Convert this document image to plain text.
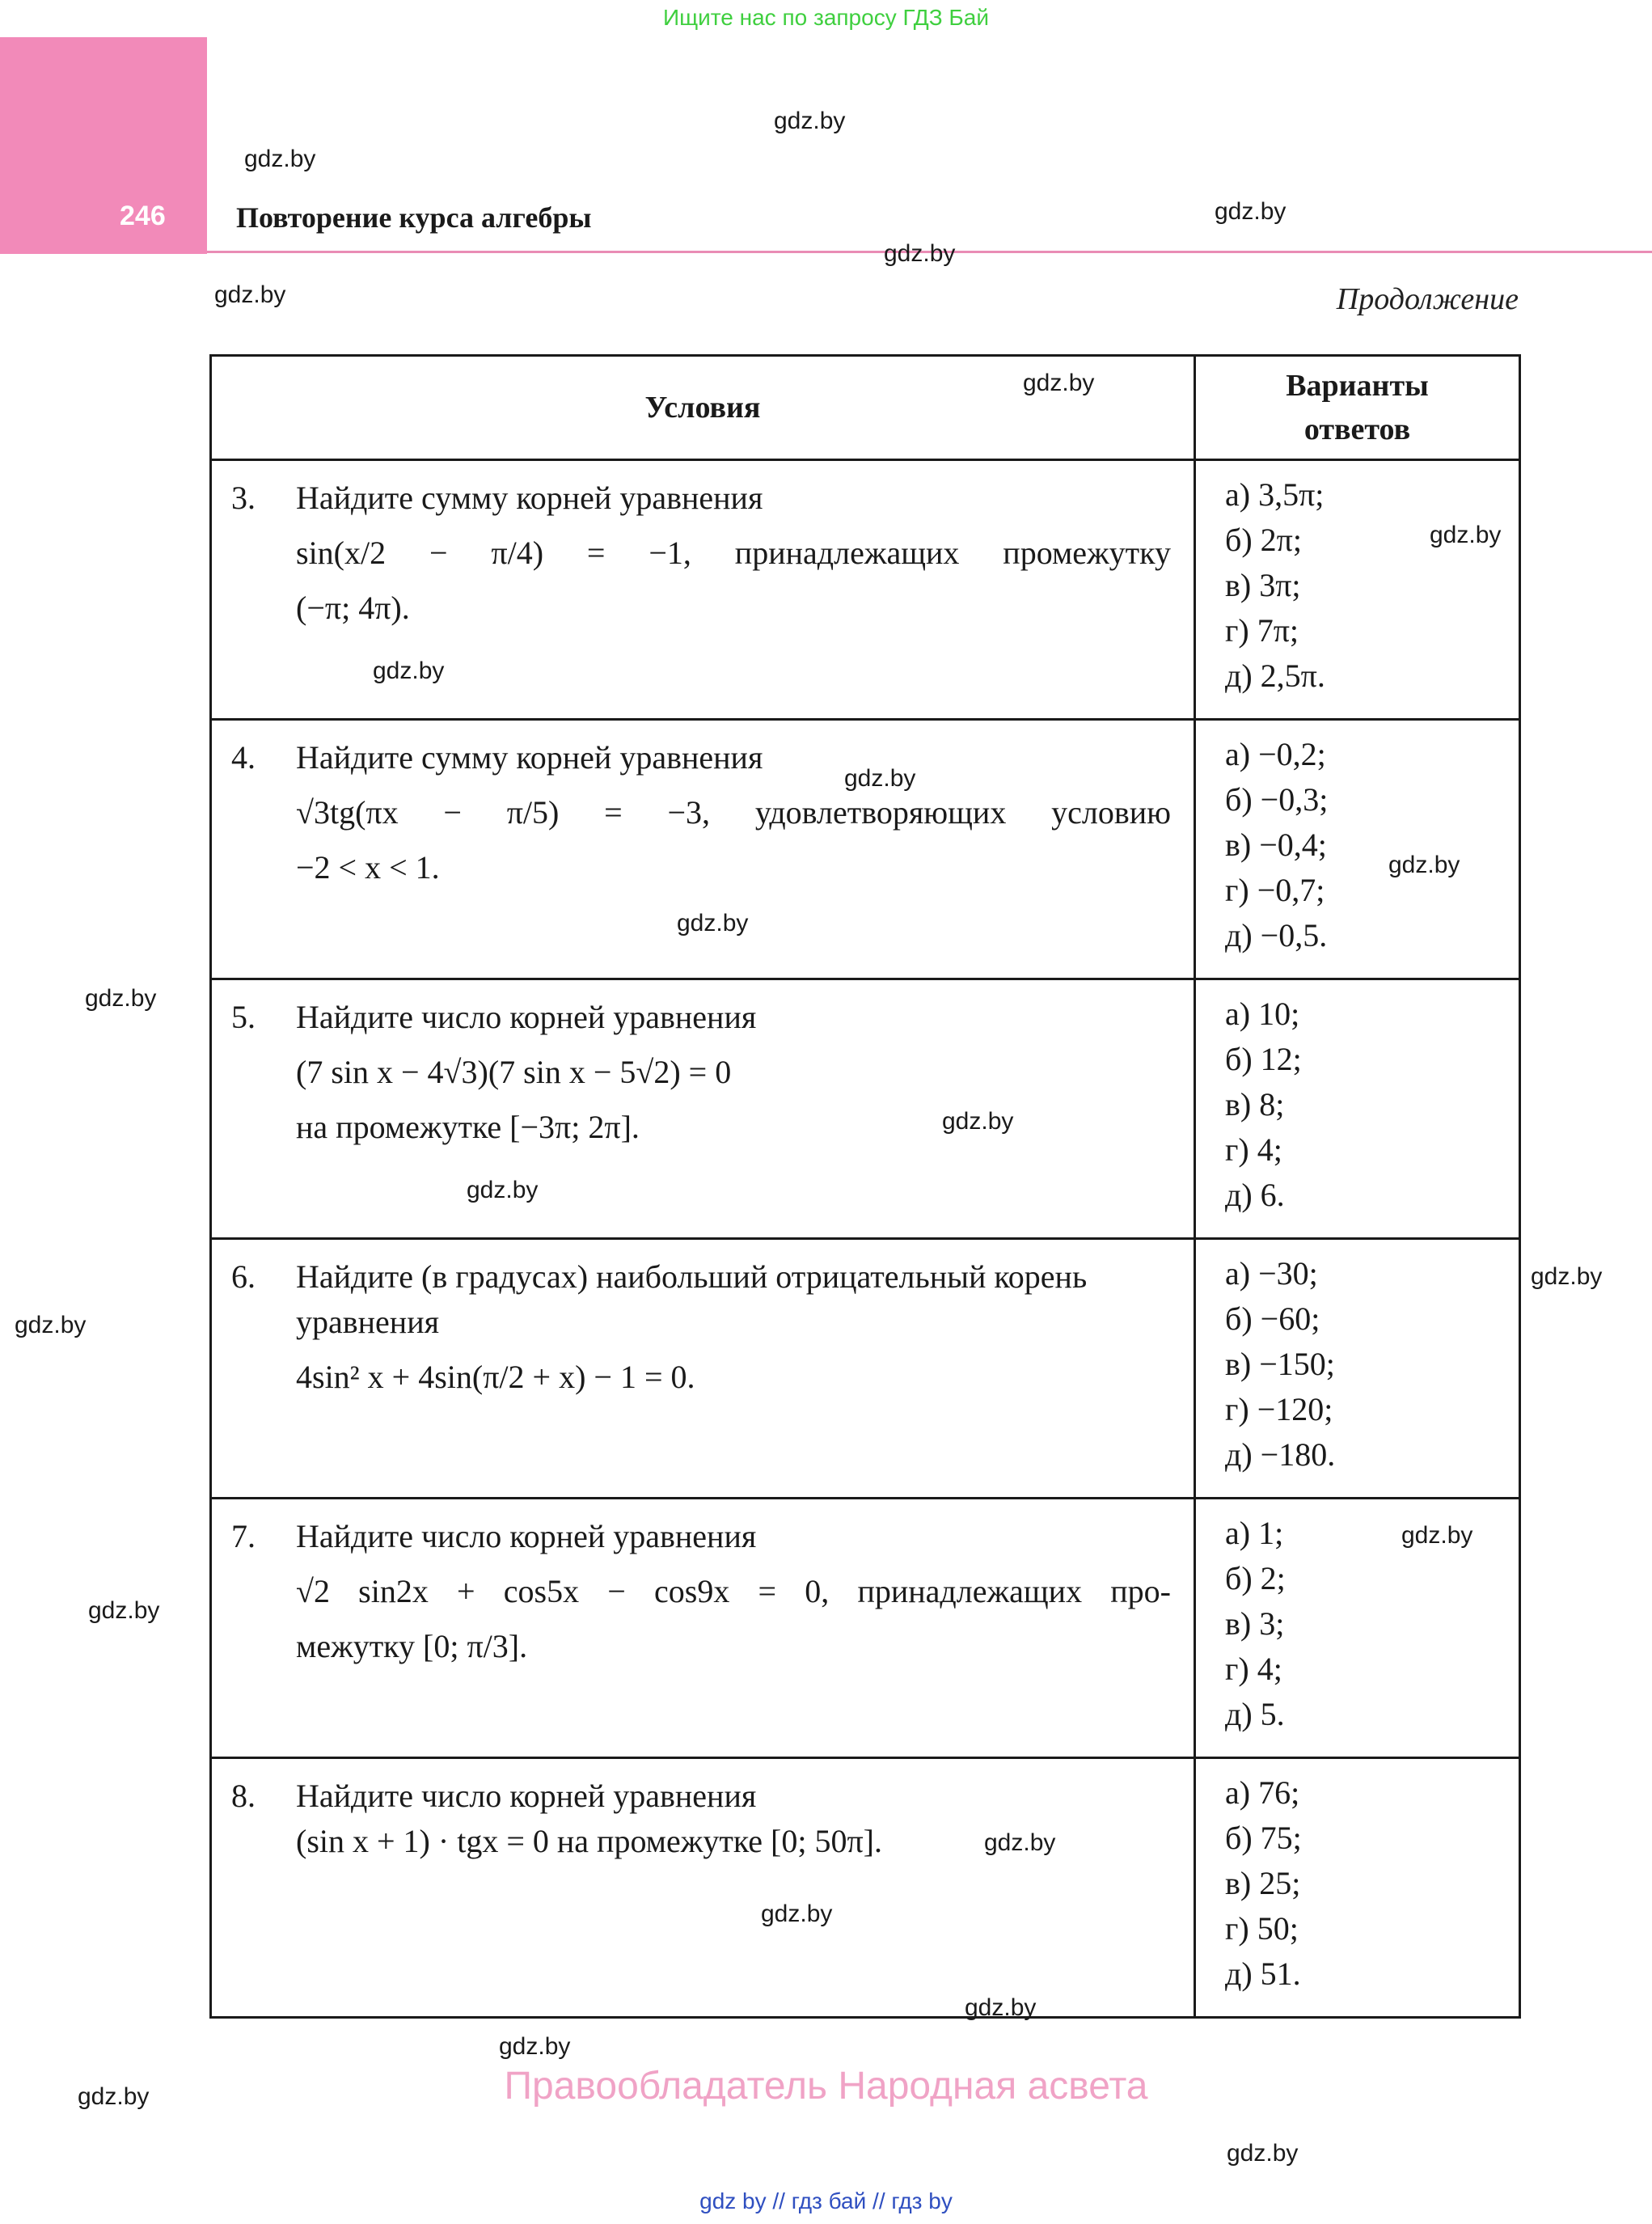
Ищите нас по запросу ГДЗ Бай
246 Повторение курса алгебры
Продолжение
Условия	Варианты
ответов

3. Найдите сумму корней уравнения
sin(x/2 − π/4) = −1, принадлежащих промежутку
(−π; 4π).	а) 3,5π;
б) 2π;
в) 3π;
г) 7π;
д) 2,5π.

4. Найдите сумму корней уравнения
√3tg(πx − π/5) = −3, удовлетворяющих условию
−2 < x < 1.	а) −0,2;
б) −0,3;
в) −0,4;
г) −0,7;
д) −0,5.

5. Найдите число корней уравнения
(7 sin x − 4√3)(7 sin x − 5√2) = 0
на промежутке [−3π; 2π].	а) 10;
б) 12;
в) 8;
г) 4;
д) 6.

6. Найдите (в градусах) наибольший отрицательный корень уравнения
4sin² x + 4sin(π/2 + x) − 1 = 0.	а) −30;
б) −60;
в) −150;
г) −120;
д) −180.

7. Найдите число корней уравнения
√2 sin2x + cos5x − cos9x = 0, принадлежащих про-
межутку [0; π/3].	а) 1;
б) 2;
в) 3;
г) 4;
д) 5.

8. Найдите число корней уравнения
(sin x + 1) · tgx = 0 на промежутке [0; 50π].	а) 76;
б) 75;
в) 25;
г) 50;
д) 51.
gdz.by
gdz.by
gdz.by
gdz.by
gdz.by
gdz.by
gdz.by
gdz.by
gdz.by
gdz.by
gdz.by
gdz.by
gdz.by
gdz.by
gdz.by
gdz.by
gdz.by
gdz.by
gdz.by
gdz.by
gdz.by
gdz.by
gdz.by
gdz.by
Правообладатель Народная асвета
gdz by // гдз бай // гдз by
